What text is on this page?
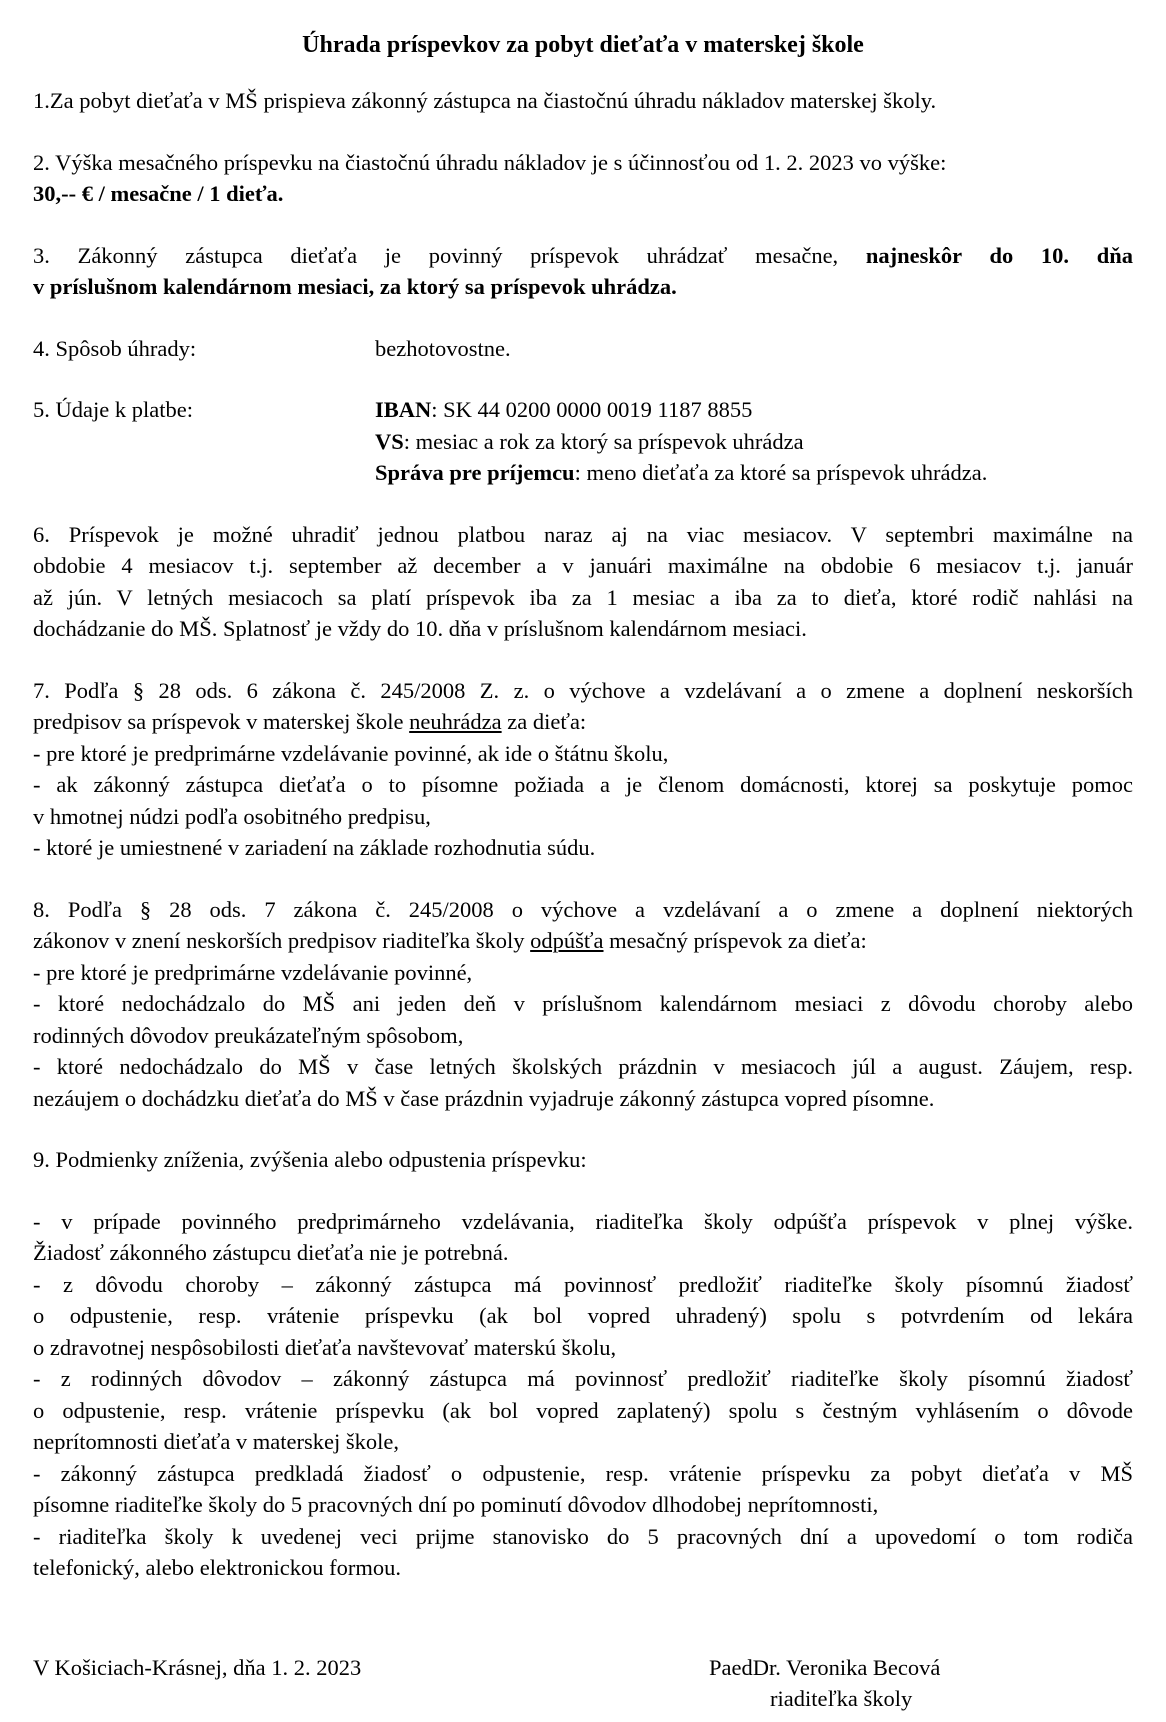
Úhrada príspevkov za pobyt dieťaťa v materskej škole
1.Za pobyt dieťaťa v MŠ prispieva zákonný zástupca na čiastočnú úhradu nákladov materskej školy.
2. Výška mesačného príspevku na čiastočnú úhradu nákladov je s účinnosťou od 1. 2. 2023 vo výške:
30,-- € / mesačne / 1 dieťa.
3. Zákonný zástupca dieťaťa je povinný príspevok uhrádzať mesačne, najneskôr do 10. dňa
v príslušnom kalendárnom mesiaci, za ktorý sa príspevok uhrádza.
4. Spôsob úhrady:	bezhotovostne.
5. Údaje k platbe:	IBAN: SK 44 0200 0000 0019 1187 8855
VS: mesiac a rok za ktorý sa príspevok uhrádza
Správa pre príjemcu: meno dieťaťa za ktoré sa príspevok uhrádza.
6. Príspevok je možné uhradiť jednou platbou naraz aj na viac mesiacov. V septembri maximálne na
obdobie 4 mesiacov t.j. september až december a v januári maximálne na obdobie 6 mesiacov t.j. január
až jún. V letných mesiacoch sa platí príspevok iba za 1 mesiac a iba za to dieťa, ktoré rodič nahlási na
dochádzanie do MŠ. Splatnosť je vždy do 10. dňa v príslušnom kalendárnom mesiaci.
7. Podľa § 28 ods. 6 zákona č. 245/2008 Z. z. o výchove a vzdelávaní a o zmene a doplnení neskorších
predpisov sa príspevok v materskej škole neuhrádza za dieťa:
- pre ktoré je predprimárne vzdelávanie povinné, ak ide o štátnu školu,
- ak zákonný zástupca dieťaťa o to písomne požiada a je členom domácnosti, ktorej sa poskytuje pomoc
v hmotnej núdzi podľa osobitného predpisu,
- ktoré je umiestnené v zariadení na základe rozhodnutia súdu.
8. Podľa § 28 ods. 7 zákona č. 245/2008 o výchove a vzdelávaní a o zmene a doplnení niektorých
zákonov v znení neskorších predpisov riaditeľka školy odpúšťa mesačný príspevok za dieťa:
- pre ktoré je predprimárne vzdelávanie povinné,
- ktoré nedochádzalo do MŠ ani jeden deň v príslušnom kalendárnom mesiaci z dôvodu choroby alebo
rodinných dôvodov preukázateľným spôsobom,
- ktoré nedochádzalo do MŠ v čase letných školských prázdnin v mesiacoch júl a august. Záujem, resp.
nezáujem o dochádzku dieťaťa do MŠ v čase prázdnin vyjadruje zákonný zástupca vopred písomne.
9. Podmienky zníženia, zvýšenia alebo odpustenia príspevku:
- v prípade povinného predprimárneho vzdelávania, riaditeľka školy odpúšťa príspevok v plnej výške.
Žiadosť zákonného zástupcu dieťaťa nie je potrebná.
- z dôvodu choroby – zákonný zástupca má povinnosť predložiť riaditeľke školy písomnú žiadosť
o odpustenie, resp. vrátenie príspevku (ak bol vopred uhradený) spolu s potvrdením od lekára
o zdravotnej nespôsobilosti dieťaťa navštevovať materskú školu,
- z rodinných dôvodov – zákonný zástupca má povinnosť predložiť riaditeľke školy písomnú žiadosť
o odpustenie, resp. vrátenie príspevku (ak bol vopred zaplatený) spolu s čestným vyhlásením o dôvode
neprítomnosti dieťaťa v materskej škole,
- zákonný zástupca predkladá žiadosť o odpustenie, resp. vrátenie príspevku za pobyt dieťaťa v MŠ
písomne riaditeľke školy do 5 pracovných dní po pominutí dôvodov dlhodobej neprítomnosti,
- riaditeľka školy k uvedenej veci prijme stanovisko do 5 pracovných dní a upovedomí o tom rodiča
telefonický, alebo elektronickou formou.
V Košiciach-Krásnej, dňa 1. 2. 2023	PaedDr. Veronika Becová
riaditeľka školy
